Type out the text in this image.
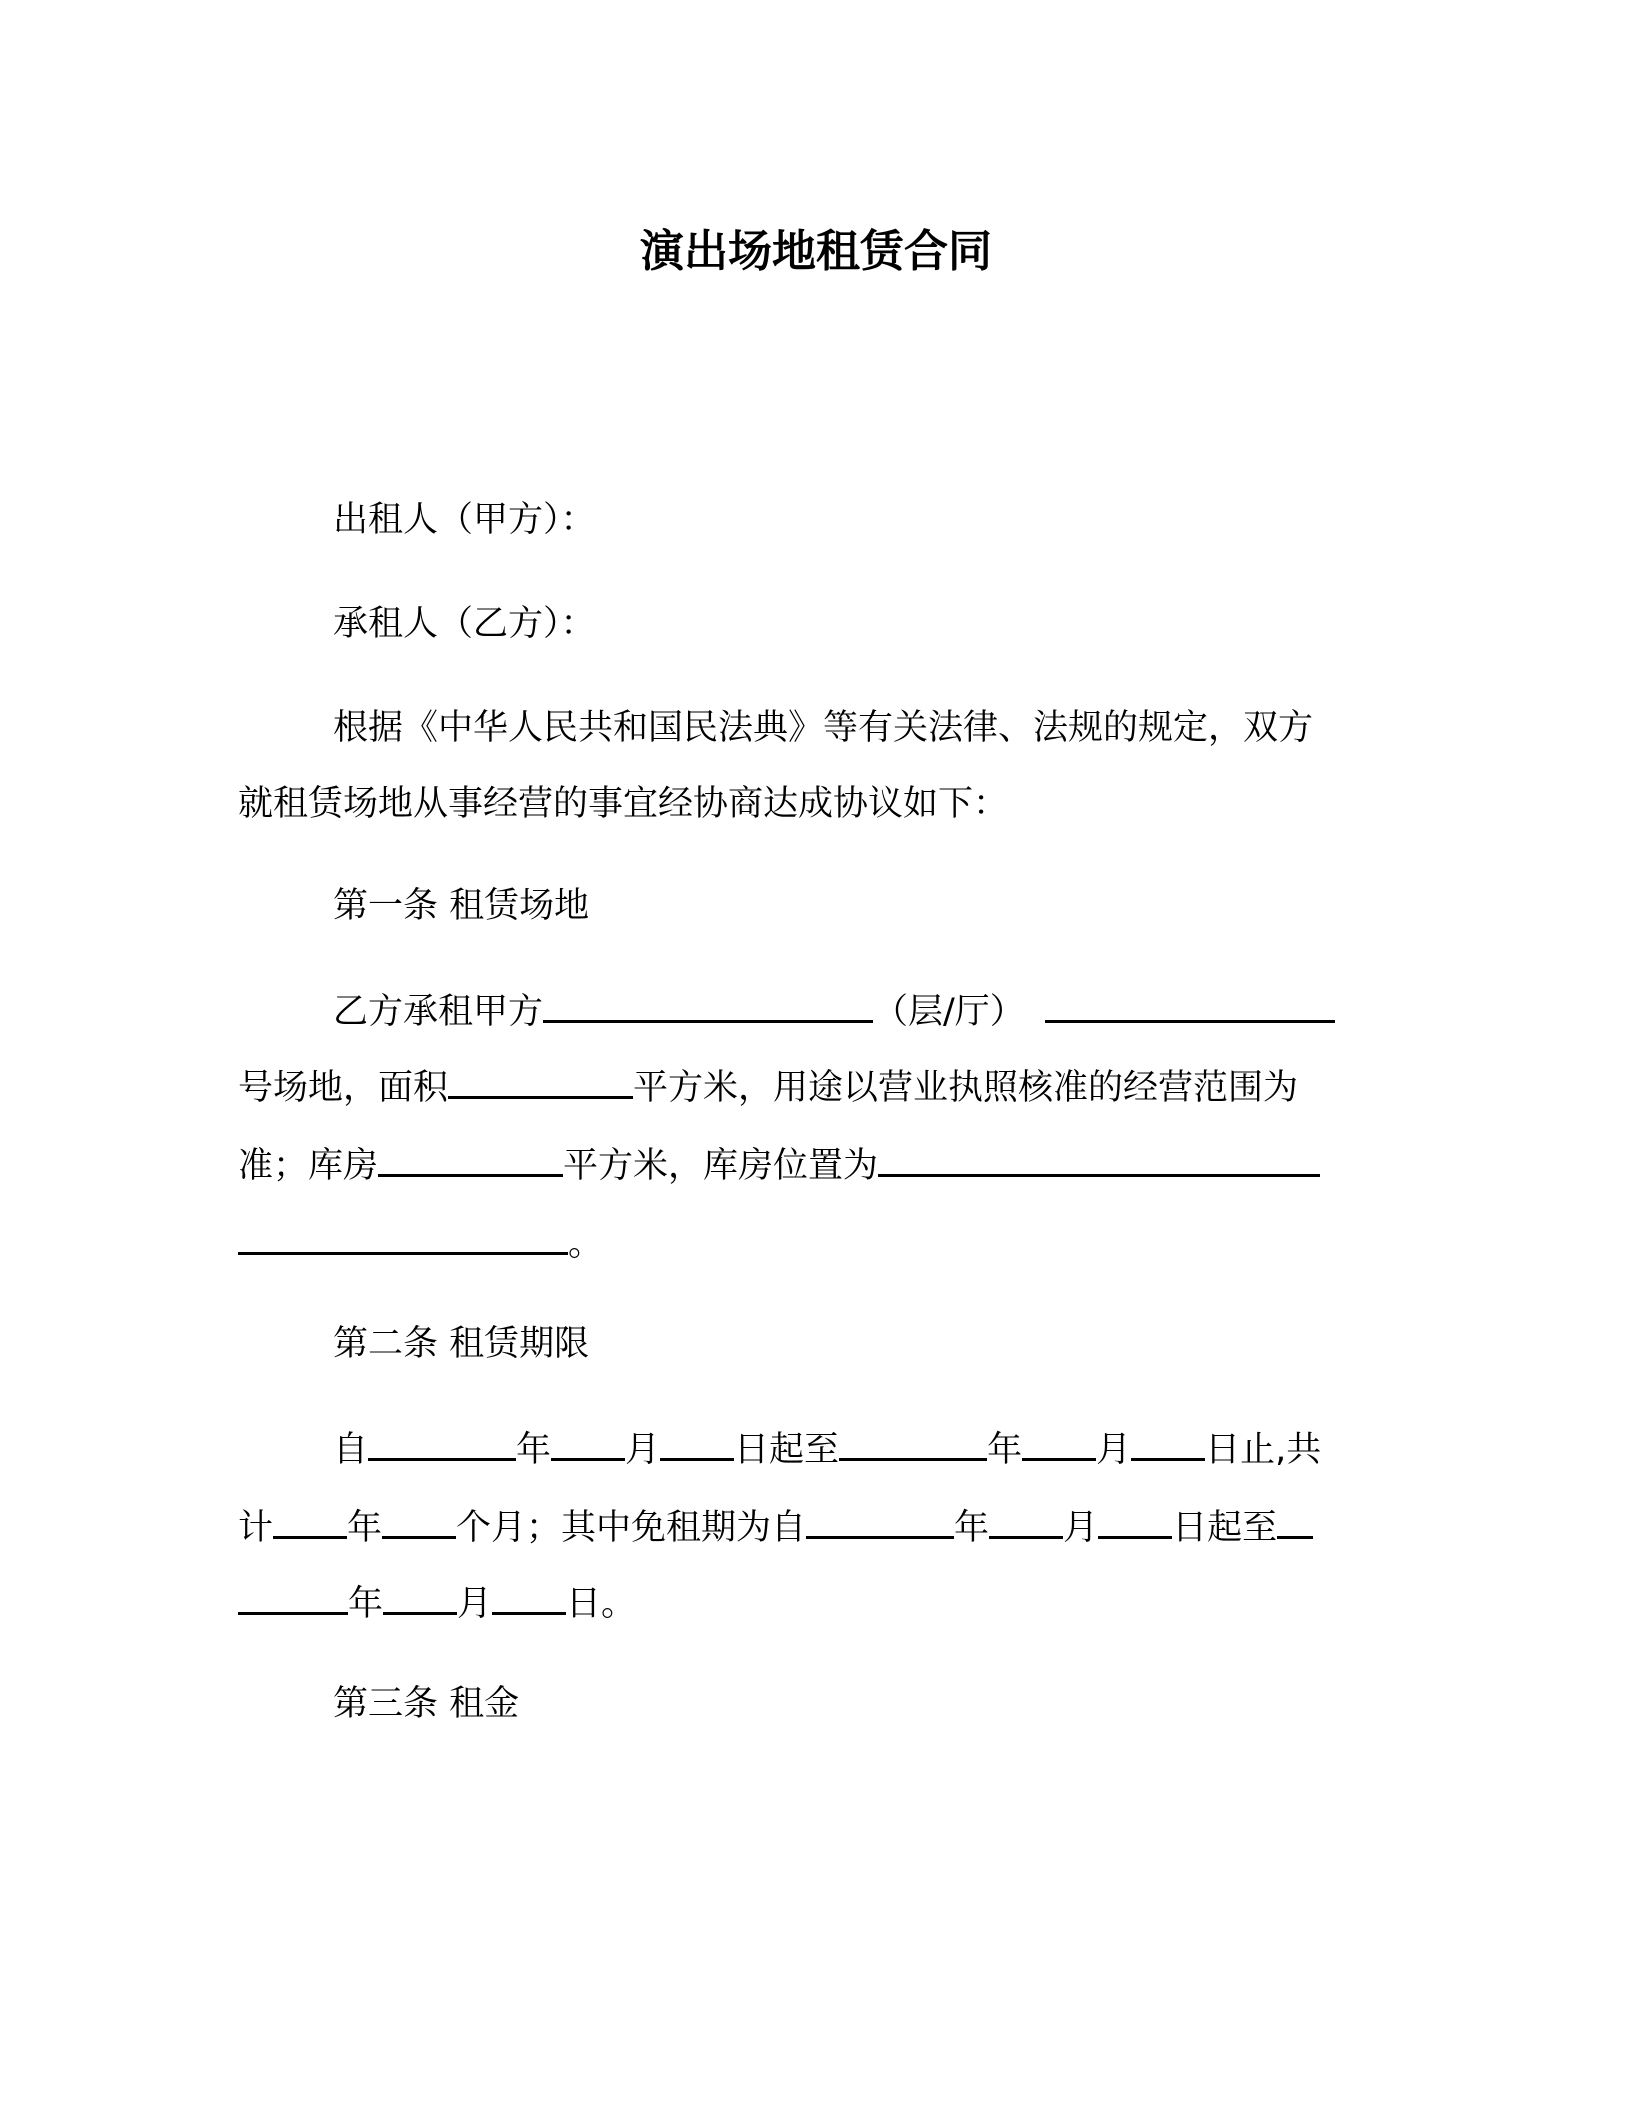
演出场地租赁合同
出租人（甲方）：
承租人（乙方）：
根据《中华人民共和国民法典》等有关法律、法规的规定，双方
就租赁场地从事经营的事宜经协商达成协议如下：
第一条 租赁场地
乙方承租甲方	（层/厅）
号场地，面积	平方米，用途以营业执照核准的经营范围为
准；库房	平方米，库房位置为
。
第二条 租赁期限
自	年 月 日起至	年 月 日止,共
计 年 个月；其中免租期为自	年 月 日起至
年 月 日。
第三条 租金
